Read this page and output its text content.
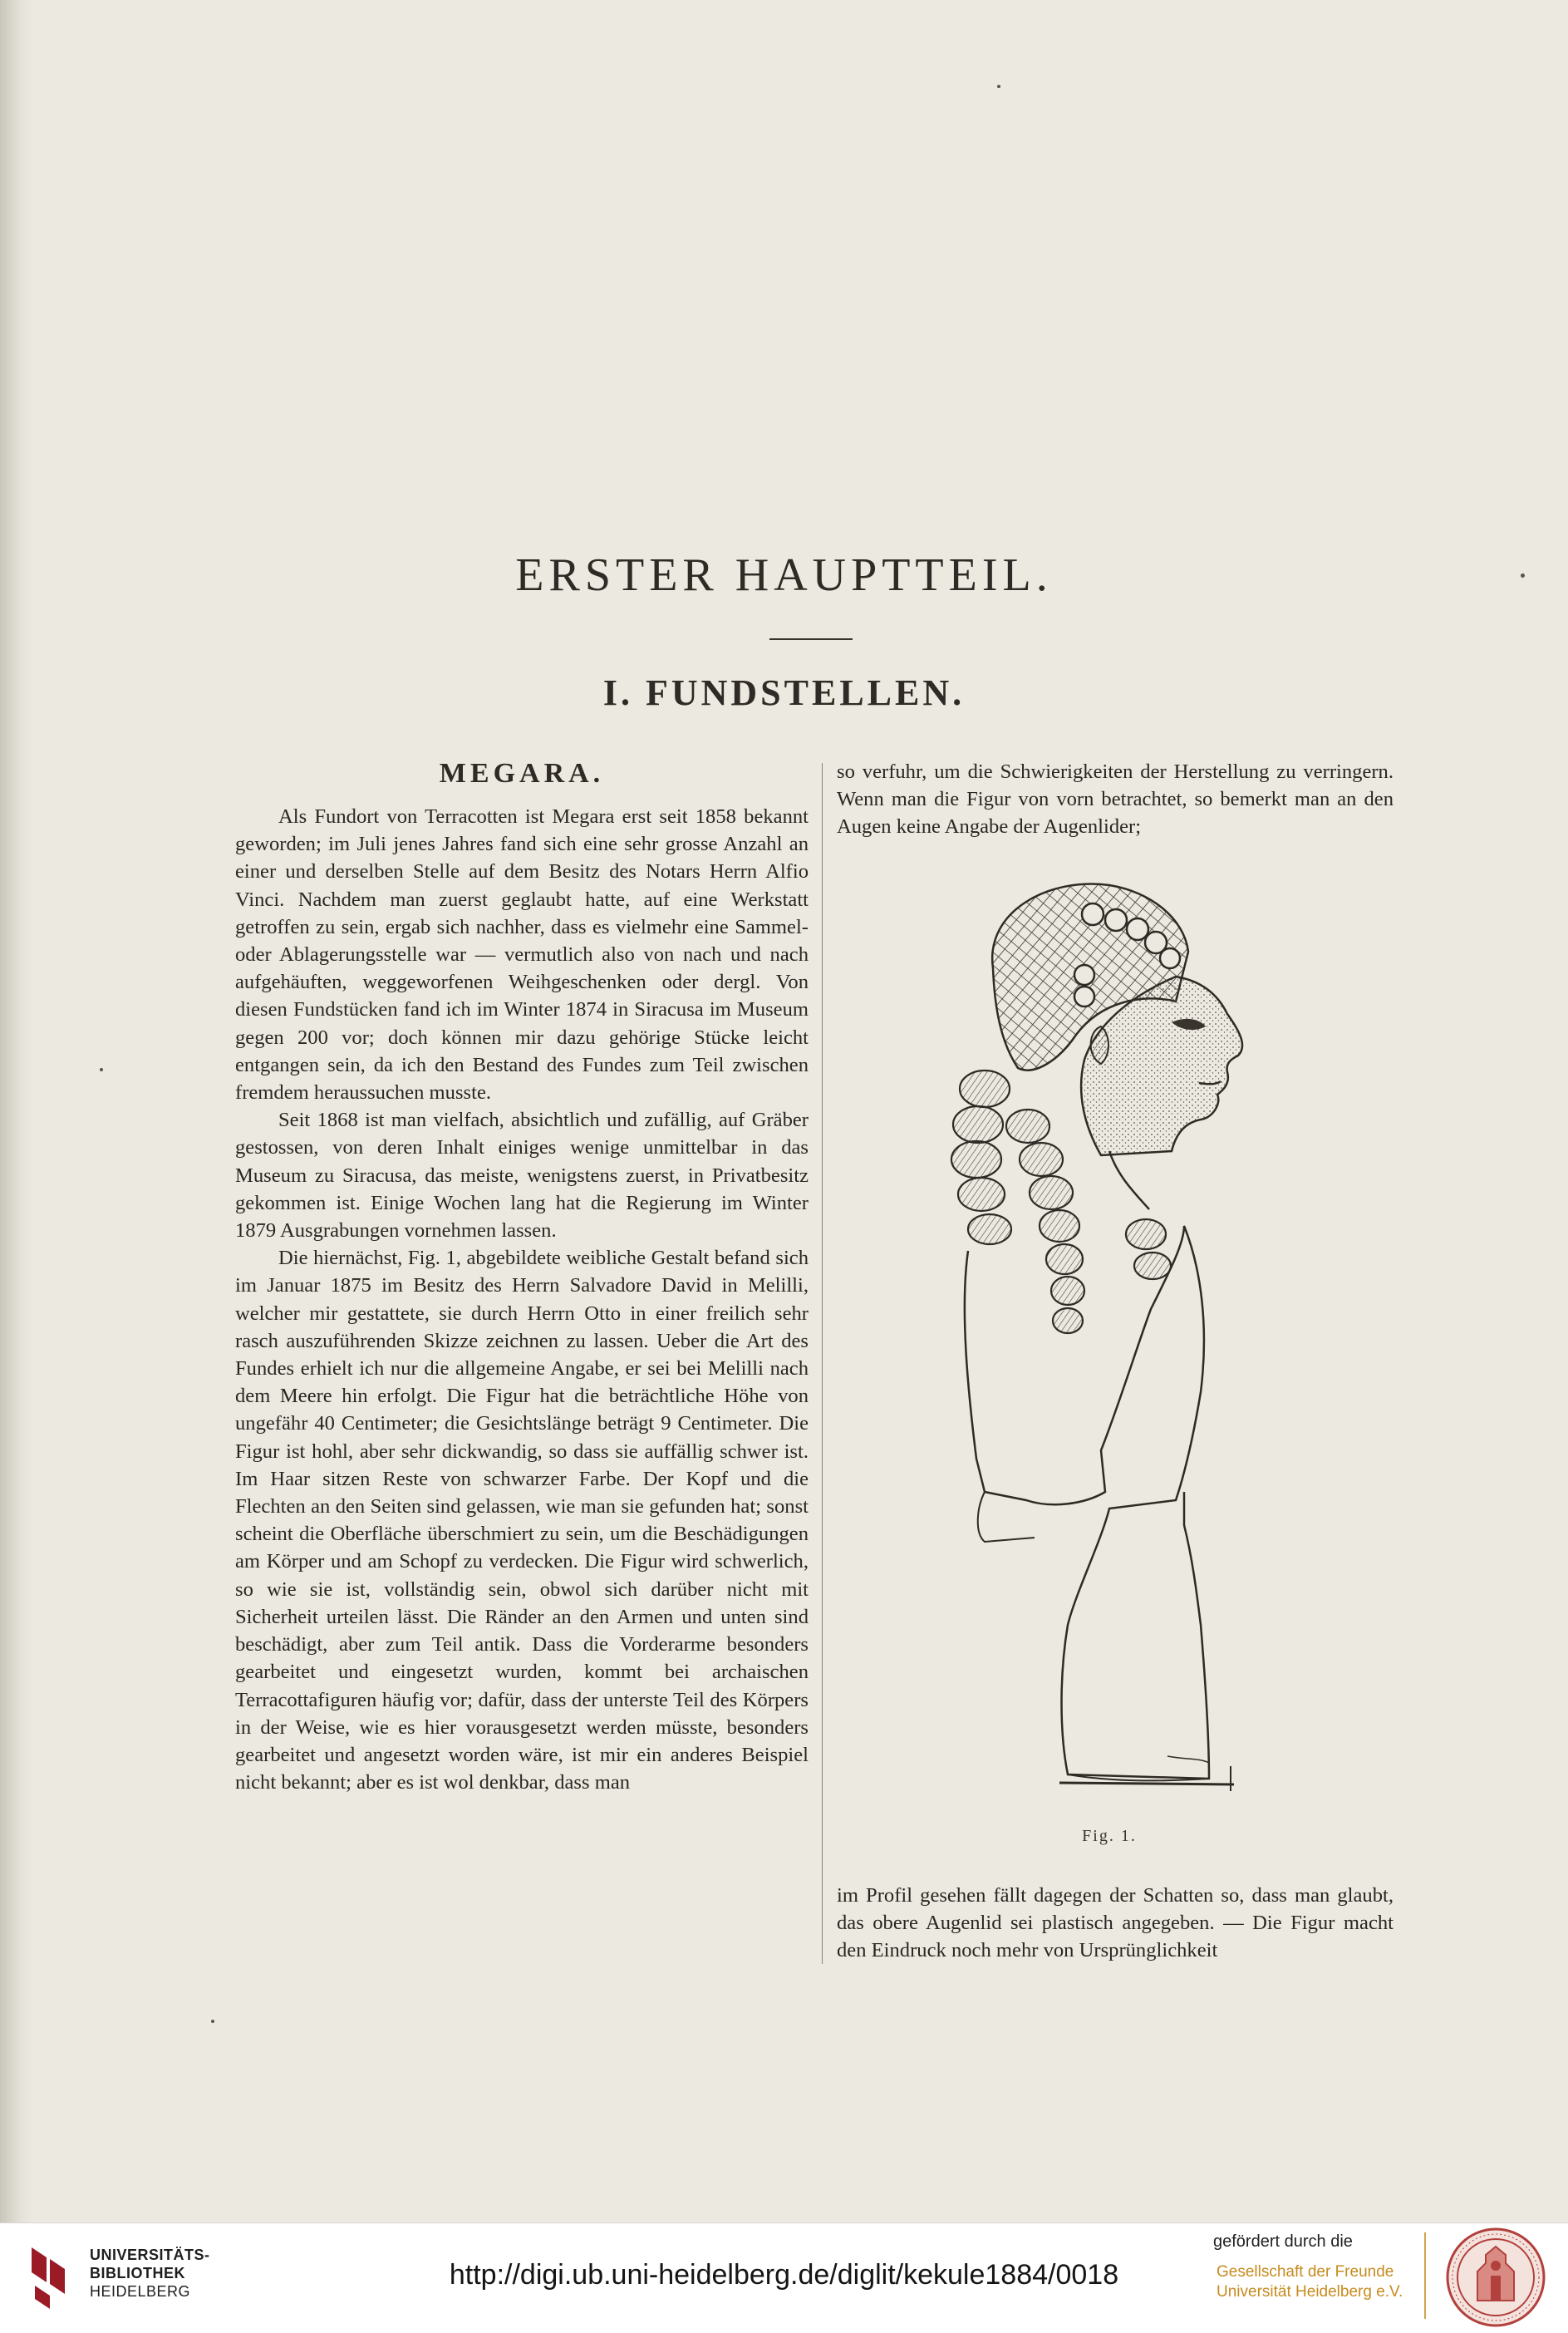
ERSTER HAUPTTEIL.
I. FUNDSTELLEN.
MEGARA.

Als Fundort von Terracotten ist Megara erst seit 1858 bekannt geworden; im Juli jenes Jahres fand sich eine sehr grosse Anzahl an einer und derselben Stelle auf dem Besitz des Notars Herrn Alfio Vinci. Nachdem man zuerst geglaubt hatte, auf eine Werkstatt getroffen zu sein, ergab sich nachher, dass es vielmehr eine Sammel- oder Ablagerungsstelle war — vermutlich also von nach und nach aufgehäuften, weggeworfenen Weihgeschenken oder dergl. Von diesen Fundstücken fand ich im Winter 1874 in Siracusa im Museum gegen 200 vor; doch können mir dazu gehörige Stücke leicht entgangen sein, da ich den Bestand des Fundes zum Teil zwischen fremdem heraussuchen musste.

Seit 1868 ist man vielfach, absichtlich und zufällig, auf Gräber gestossen, von deren Inhalt einiges wenige unmittelbar in das Museum zu Siracusa, das meiste, wenigstens zuerst, in Privatbesitz gekommen ist. Einige Wochen lang hat die Regierung im Winter 1879 Ausgrabungen vornehmen lassen.

Die hiernächst, Fig. 1, abgebildete weibliche Gestalt befand sich im Januar 1875 im Besitz des Herrn Salvadore David in Melilli, welcher mir gestattete, sie durch Herrn Otto in einer freilich sehr rasch auszuführenden Skizze zeichnen zu lassen. Ueber die Art des Fundes erhielt ich nur die allgemeine Angabe, er sei bei Melilli nach dem Meere hin erfolgt. Die Figur hat die beträchtliche Höhe von ungefähr 40 Centimeter; die Gesichtslänge beträgt 9 Centimeter. Die Figur ist hohl, aber sehr dickwandig, so dass sie auffällig schwer ist. Im Haar sitzen Reste von schwarzer Farbe. Der Kopf und die Flechten an den Seiten sind gelassen, wie man sie gefunden hat; sonst scheint die Oberfläche überschmiert zu sein, um die Beschädigungen am Körper und am Schopf zu verdecken. Die Figur wird schwerlich, so wie sie ist, vollständig sein, obwol sich darüber nicht mit Sicherheit urteilen lässt. Die Ränder an den Armen und unten sind beschädigt, aber zum Teil antik. Dass die Vorderarme besonders gearbeitet und eingesetzt wurden, kommt bei archaischen Terracottafiguren häufig vor; dafür, dass der unterste Teil des Körpers in der Weise, wie es hier vorausgesetzt werden müsste, besonders gearbeitet und angesetzt worden wäre, ist mir ein anderes Beispiel nicht bekannt; aber es ist wol denkbar, dass man

so verfuhr, um die Schwierigkeiten der Herstellung zu verringern. Wenn man die Figur von vorn betrachtet, so bemerkt man an den Augen keine Angabe der Augenlider;

Fig. 1.

im Profil gesehen fällt dagegen der Schatten so, dass man glaubt, das obere Augenlid sei plastisch angegeben. — Die Figur macht den Eindruck noch mehr von Ursprünglichkeit

UNIVERSITÄTS-
BIBLIOTHEK
HEIDELBERG
http://digi.ub.uni-heidelberg.de/diglit/kekule1884/0018
gefördert durch die
Gesellschaft der Freunde
Universität Heidelberg e.V.
